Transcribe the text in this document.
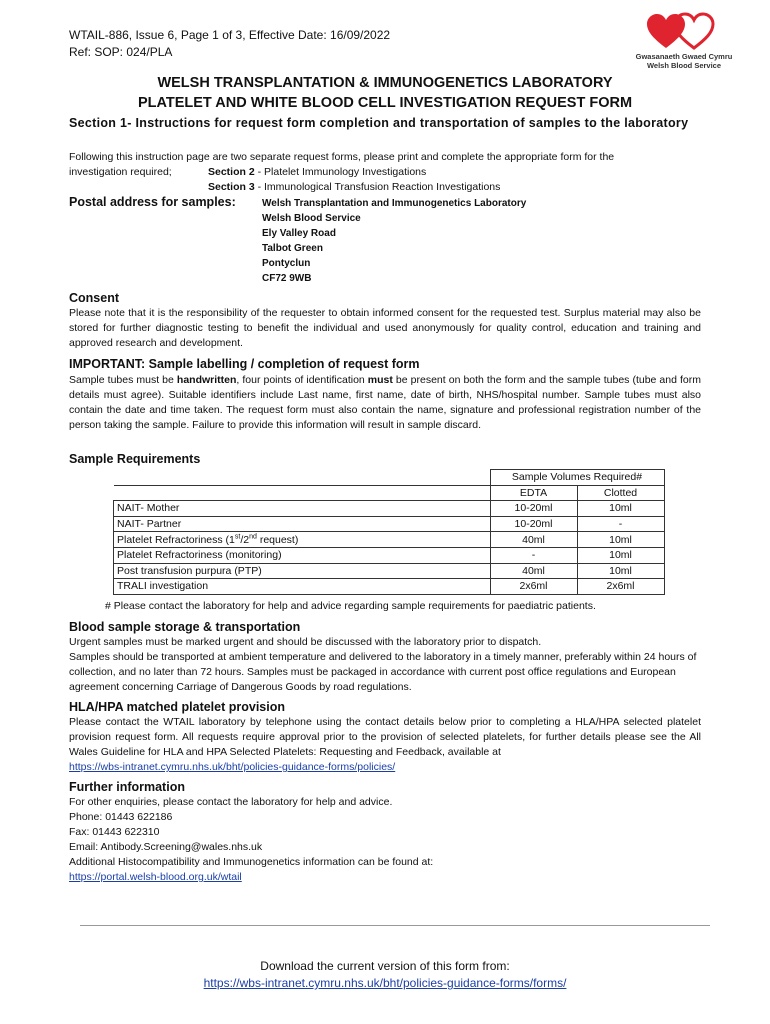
WTAIL-886, Issue 6, Page 1 of 3, Effective Date: 16/09/2022
Ref: SOP: 024/PLA	Gwasanaeth Gwaed Cymru
Welsh Blood Service
WELSH TRANSPLANTATION & IMMUNOGENETICS LABORATORY
PLATELET AND WHITE BLOOD CELL INVESTIGATION REQUEST FORM
Section 1- Instructions for request form completion and transportation of samples to the laboratory
Following this instruction page are two separate request forms, please print and complete the appropriate form for the
investigation required;	Section 2 - Platelet Immunology Investigations
Section 3 - Immunological Transfusion Reaction Investigations
Postal address for samples:	Welsh Transplantation and Immunogenetics Laboratory
Welsh Blood Service
Ely Valley Road
Talbot Green
Pontyclun
CF72 9WB
Consent
Please note that it is the responsibility of the requester to obtain informed consent for the requested test. Surplus material may also be stored for further diagnostic testing to benefit the individual and used anonymously for quality control, education and training and approved research and development.
IMPORTANT: Sample labelling / completion of request form
Sample tubes must be handwritten, four points of identification must be present on both the form and the sample tubes (tube and form details must agree). Suitable identifiers include Last name, first name, date of birth, NHS/hospital number. Sample tubes must also contain the date and time taken. The request form must also contain the name, signature and professional registration number of the person taking the sample. Failure to provide this information will result in sample discard.
Sample Requirements
	Sample Volumes Required#	
	EDTA	Clotted
NAIT- Mother	10-20ml	10ml
NAIT- Partner	10-20ml	-
Platelet Refractoriness (1st/2nd request)	40ml	10ml
Platelet Refractoriness (monitoring)	-	10ml
Post transfusion purpura (PTP)	40ml	10ml
TRALI investigation	2x6ml	2x6ml
# Please contact the laboratory for help and advice regarding sample requirements for paediatric patients.
Blood sample storage & transportation
Urgent samples must be marked urgent and should be discussed with the laboratory prior to dispatch.
Samples should be transported at ambient temperature and delivered to the laboratory in a timely manner, preferably within 24 hours of collection, and no later than 72 hours. Samples must be packaged in accordance with current post office regulations and European agreement concerning Carriage of Dangerous Goods by road regulations.
HLA/HPA matched platelet provision
Please contact the WTAIL laboratory by telephone using the contact details below prior to completing a HLA/HPA selected platelet provision request form. All requests require approval prior to the provision of selected platelets, for further details please see the All Wales Guideline for HLA and HPA Selected Platelets: Requesting and Feedback, available at
https://wbs-intranet.cymru.nhs.uk/bht/policies-guidance-forms/policies/
Further information
For other enquiries, please contact the laboratory for help and advice.
Phone: 01443 622186
Fax: 01443 622310
Email: Antibody.Screening@wales.nhs.uk
Additional Histocompatibility and Immunogenetics information can be found at:
https://portal.welsh-blood.org.uk/wtail
Download the current version of this form from:
https://wbs-intranet.cymru.nhs.uk/bht/policies-guidance-forms/forms/
